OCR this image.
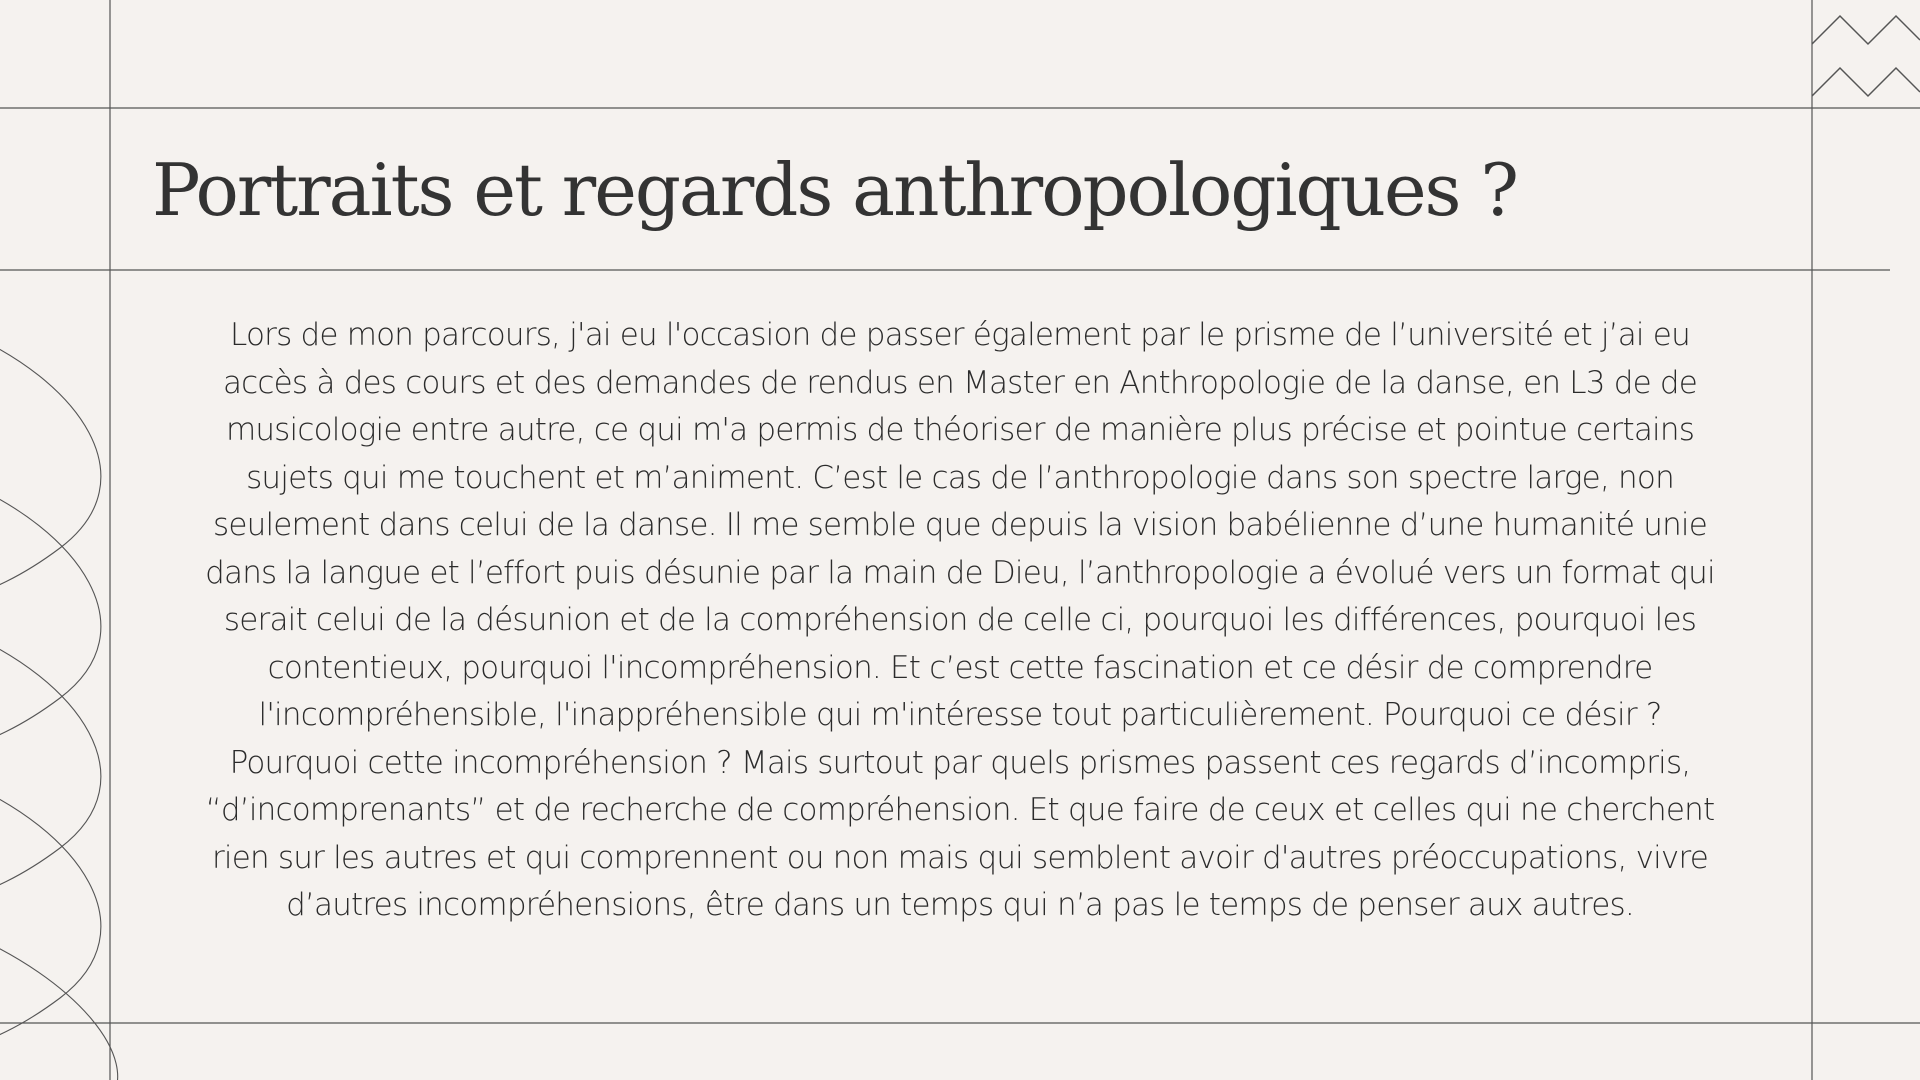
Portraits et regards anthropologiques ?

Lors de mon parcours, j'ai eu l'occasion de passer également par le prisme de l’université et j’ai eu accès à des cours et des demandes de rendus en Master en Anthropologie de la danse, en L3 de de musicologie entre autre, ce qui m'a permis de théoriser de manière plus précise et pointue certains sujets qui me touchent et m’animent. C’est le cas de l’anthropologie dans son spectre large, non seulement dans celui de la danse. Il me semble que depuis la vision babélienne d’une humanité unie dans la langue et l’effort puis désunie par la main de Dieu, l’anthropologie a évolué vers un format qui serait celui de la désunion et de la compréhension de celle ci, pourquoi les différences, pourquoi les contentieux, pourquoi l'incompréhension. Et c’est cette fascination et ce désir de comprendre l'incompréhensible, l'inappréhensible qui m'intéresse tout particulièrement. Pourquoi ce désir ? Pourquoi cette incompréhension ? Mais surtout par quels prismes passent ces regards d’incompris, “d’incomprenants” et de recherche de compréhension. Et que faire de ceux et celles qui ne cherchent rien sur les autres et qui comprennent ou non mais qui semblent avoir d'autres préoccupations, vivre d’autres incompréhensions, être dans un temps qui n’a pas le temps de penser aux autres.
